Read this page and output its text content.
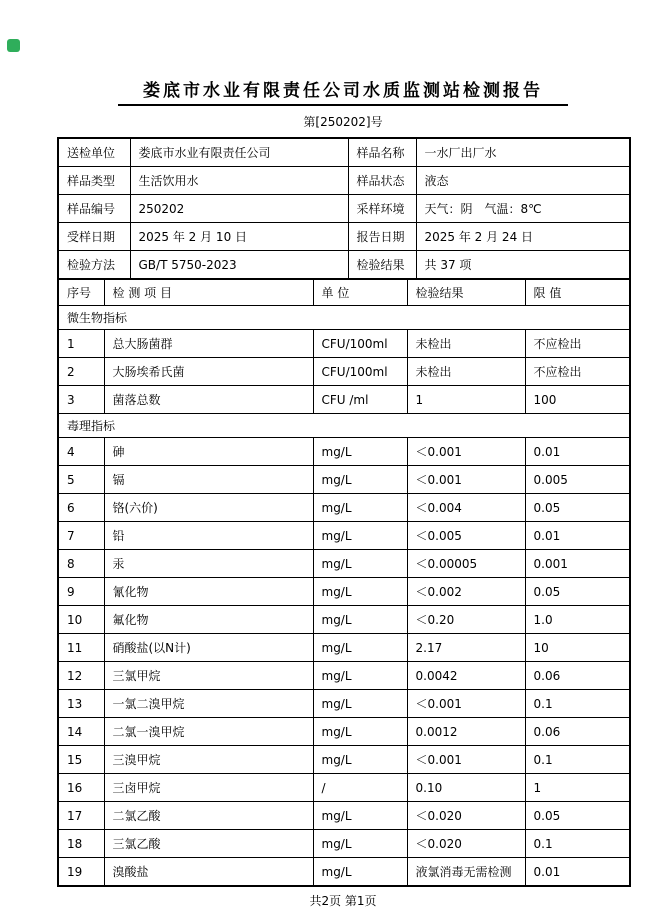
娄底市水业有限责任公司水质监测站检测报告
第[250202]号
送检单位	娄底市水业有限责任公司	样品名称	一水厂出厂水
样品类型	生活饮用水	样品状态	液态
样品编号	250202	采样环境	天气：阴　气温：8℃
受样日期	2025 年 2 月 10 日	报告日期	2025 年 2 月 24 日
检验方法	GB/T 5750-2023	检验结果	共 37 项
序号	检 测 项 目	单 位	检验结果	限 值
微生物指标				
1	总大肠菌群	CFU/100ml	未检出	不应检出
2	大肠埃希氏菌	CFU/100ml	未检出	不应检出
3	菌落总数	CFU /ml	1	100
毒理指标				
4	砷	mg/L	＜0.001	0.01
5	镉	mg/L	＜0.001	0.005
6	铬(六价)	mg/L	＜0.004	0.05
7	铅	mg/L	＜0.005	0.01
8	汞	mg/L	＜0.00005	0.001
9	氰化物	mg/L	＜0.002	0.05
10	氟化物	mg/L	＜0.20	1.0
11	硝酸盐(以N计)	mg/L	2.17	10
12	三氯甲烷	mg/L	0.0042	0.06
13	一氯二溴甲烷	mg/L	＜0.001	0.1
14	二氯一溴甲烷	mg/L	0.0012	0.06
15	三溴甲烷	mg/L	＜0.001	0.1
16	三卤甲烷	/	0.10	1
17	二氯乙酸	mg/L	＜0.020	0.05
18	三氯乙酸	mg/L	＜0.020	0.1
19	溴酸盐	mg/L	液氯消毒无需检测	0.01
共2页 第1页
